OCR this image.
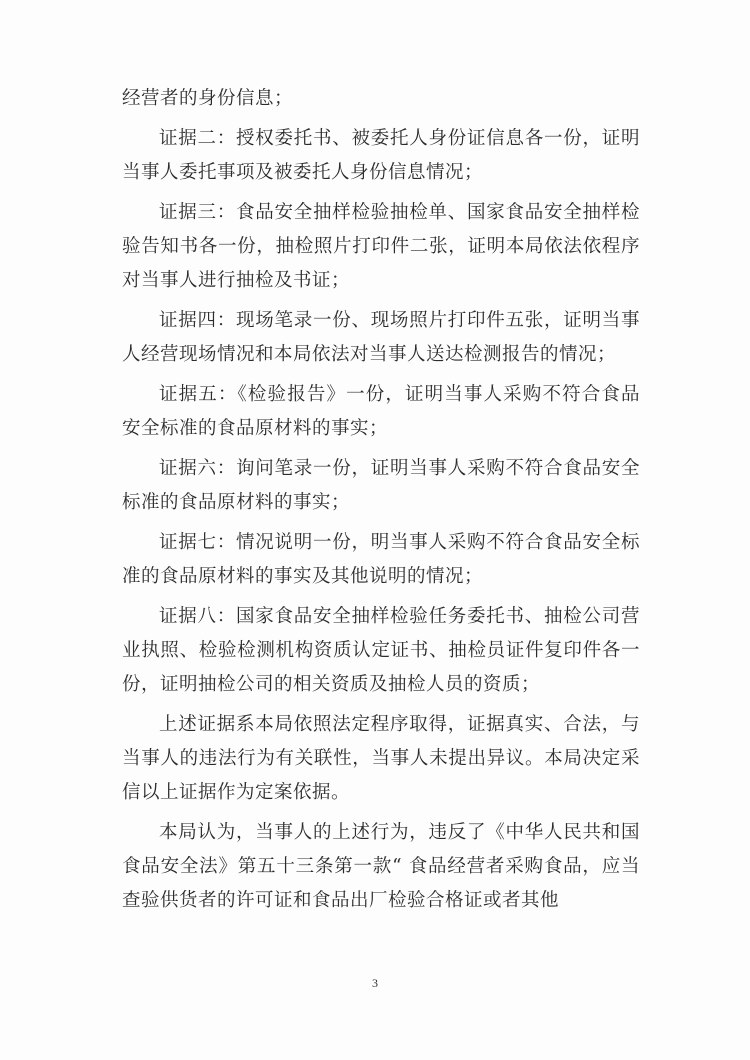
经营者的身份信息；

证据二：授权委托书、被委托人身份证信息各一份，证明当事人委托事项及被委托人身份信息情况；

证据三：食品安全抽样检验抽检单、国家食品安全抽样检验告知书各一份，抽检照片打印件二张，证明本局依法依程序对当事人进行抽检及书证；

证据四：现场笔录一份、现场照片打印件五张，证明当事人经营现场情况和本局依法对当事人送达检测报告的情况；

证据五：《检验报告》一份，证明当事人采购不符合食品安全标准的食品原材料的事实；

证据六：询问笔录一份，证明当事人采购不符合食品安全标准的食品原材料的事实；

证据七：情况说明一份，明当事人采购不符合食品安全标准的食品原材料的事实及其他说明的情况；

证据八：国家食品安全抽样检验任务委托书、抽检公司营业执照、检验检测机构资质认定证书、抽检员证件复印件各一份，证明抽检公司的相关资质及抽检人员的资质；

上述证据系本局依照法定程序取得，证据真实、合法，与当事人的违法行为有关联性，当事人未提出异议。本局决定采信以上证据作为定案依据。

本局认为，当事人的上述行为，违反了《中华人民共和国食品安全法》第五十三条第一款“ 食品经营者采购食品，应当查验供货者的许可证和食品出厂检验合格证或者其他

3
